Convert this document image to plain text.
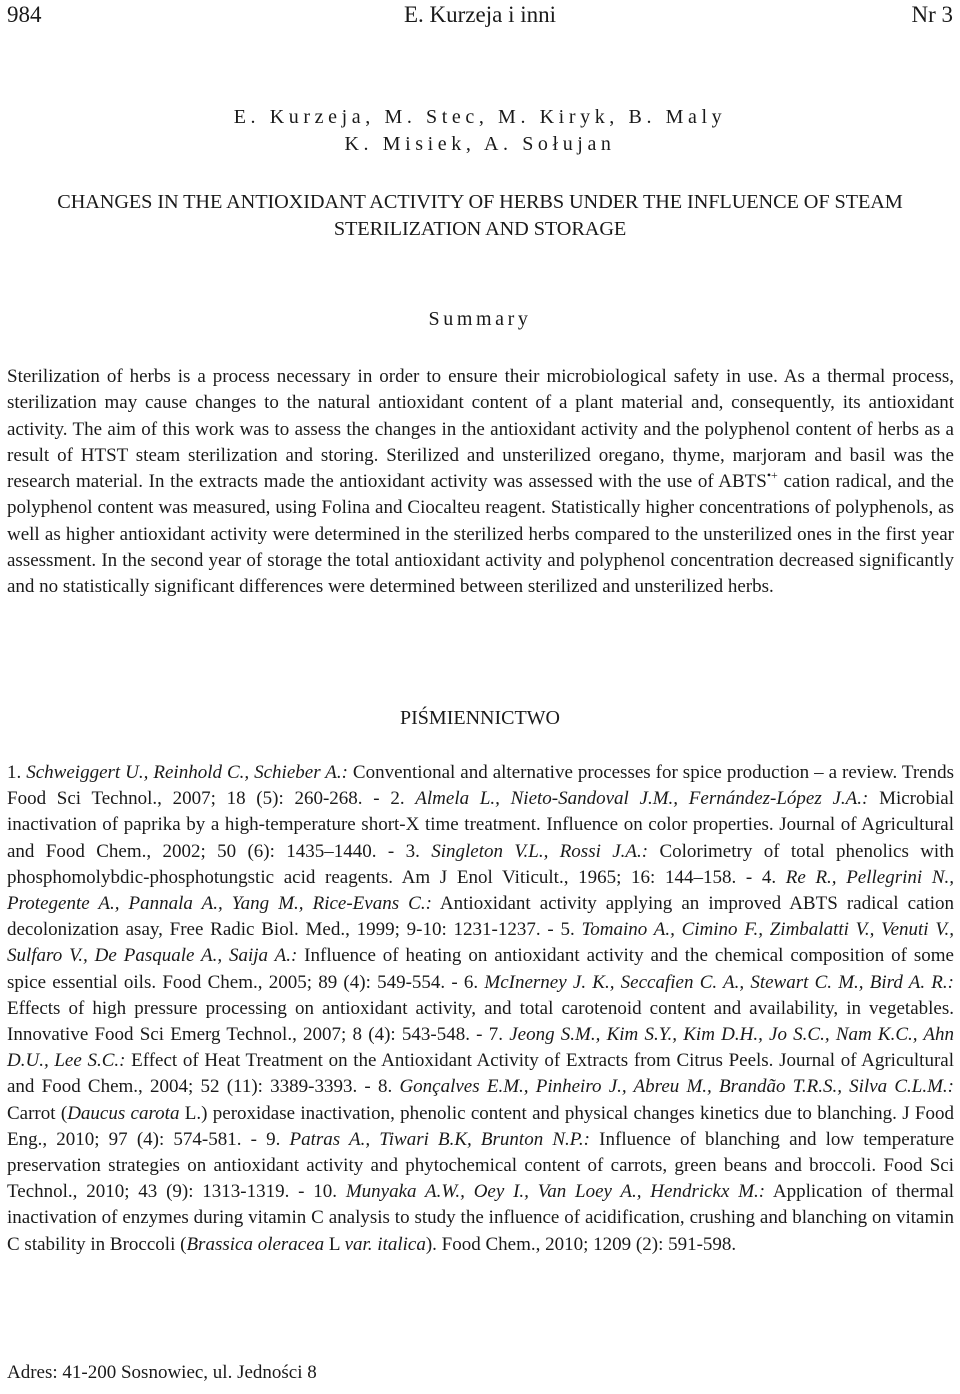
984	E. Kurzeja i inni	Nr 3
E. Kurzeja, M. Stec, M. Kiryk, B. Maly
K. Misiek, A. Sołujan
CHANGES IN THE ANTIOXIDANT ACTIVITY OF HERBS UNDER THE INFLUENCE OF STEAM
STERILIZATION AND STORAGE
Summary
Sterilization of herbs is a process necessary in order to ensure their microbiological safety in use. As a thermal process, sterilization may cause changes to the natural antioxidant content of a plant material and, consequently, its antioxidant activity. The aim of this work was to assess the changes in the antioxidant activity and the polyphenol content of herbs as a result of HTST steam sterilization and storing. Sterilized and unsterilized oregano, thyme, marjoram and basil was the research material. In the extracts made the antioxidant activity was assessed with the use of ABTS•+ cation radical, and the polyphenol content was measured, using Folina and Ciocalteu reagent. Statistically higher concentrations of polyphenols, as well as higher antioxidant activity were determined in the sterilized herbs compared to the unsterilized ones in the first year assessment. In the second year of storage the total antioxidant activity and polyphenol concentration decreased significantly and no statistically significant differences were determined between sterilized and unsterilized herbs.
PIŚMIENNICTWO
1. Schweiggert U., Reinhold C., Schieber A.: Conventional and alternative processes for spice production – a review. Trends Food Sci Technol., 2007; 18 (5): 260-268. - 2. Almela L., Nieto-Sandoval J.M., Fernández-López J.A.: Microbial inactivation of paprika by a high-temperature short-X time treatment. Influence on color properties. Journal of Agricultural and Food Chem., 2002; 50 (6): 1435–1440. - 3. Singleton V.L., Rossi J.A.: Colorimetry of total phenolics with phosphomolybdic-phosphotungstic acid reagents. Am J Enol Viticult., 1965; 16: 144–158. - 4. Re R., Pellegrini N., Protegente A., Pannala A., Yang M., Rice-Evans C.: Antioxidant activity applying an improved ABTS radical cation decolonization asay, Free Radic Biol. Med., 1999; 9-10: 1231-1237. - 5. Tomaino A., Cimino F., Zimbalatti V., Venuti V., Sulfaro V., De Pasquale A., Saija A.: Influence of heating on antioxidant activity and the chemical composition of some spice essential oils. Food Chem., 2005; 89 (4): 549-554. - 6. McInerney J. K., Seccafien C. A., Stewart C. M., Bird A. R.: Effects of high pressure processing on antioxidant activity, and total carotenoid content and availability, in vegetables. Innovative Food Sci Emerg Technol., 2007; 8 (4): 543-548. - 7. Jeong S.M., Kim S.Y., Kim D.H., Jo S.C., Nam K.C., Ahn D.U., Lee S.C.: Effect of Heat Treatment on the Antioxidant Activity of Extracts from Citrus Peels. Journal of Agricultural and Food Chem., 2004; 52 (11): 3389-3393. - 8. Gonçalves E.M., Pinheiro J., Abreu M., Brandão T.R.S., Silva C.L.M.: Carrot (Daucus carota L.) peroxidase inactivation, phenolic content and physical changes kinetics due to blanching. J Food Eng., 2010; 97 (4): 574-581. - 9. Patras A., Tiwari B.K, Brunton N.P.: Influence of blanching and low temperature preservation strategies on antioxidant activity and phytochemical content of carrots, green beans and broccoli. Food Sci Technol., 2010; 43 (9): 1313-1319. - 10. Munyaka A.W., Oey I., Van Loey A., Hendrickx M.: Application of thermal inactivation of enzymes during vitamin C analysis to study the influence of acidification, crushing and blanching on vitamin C stability in Broccoli (Brassica oleracea L var. italica). Food Chem., 2010; 1209 (2): 591-598.
Adres: 41-200 Sosnowiec, ul. Jedności 8
